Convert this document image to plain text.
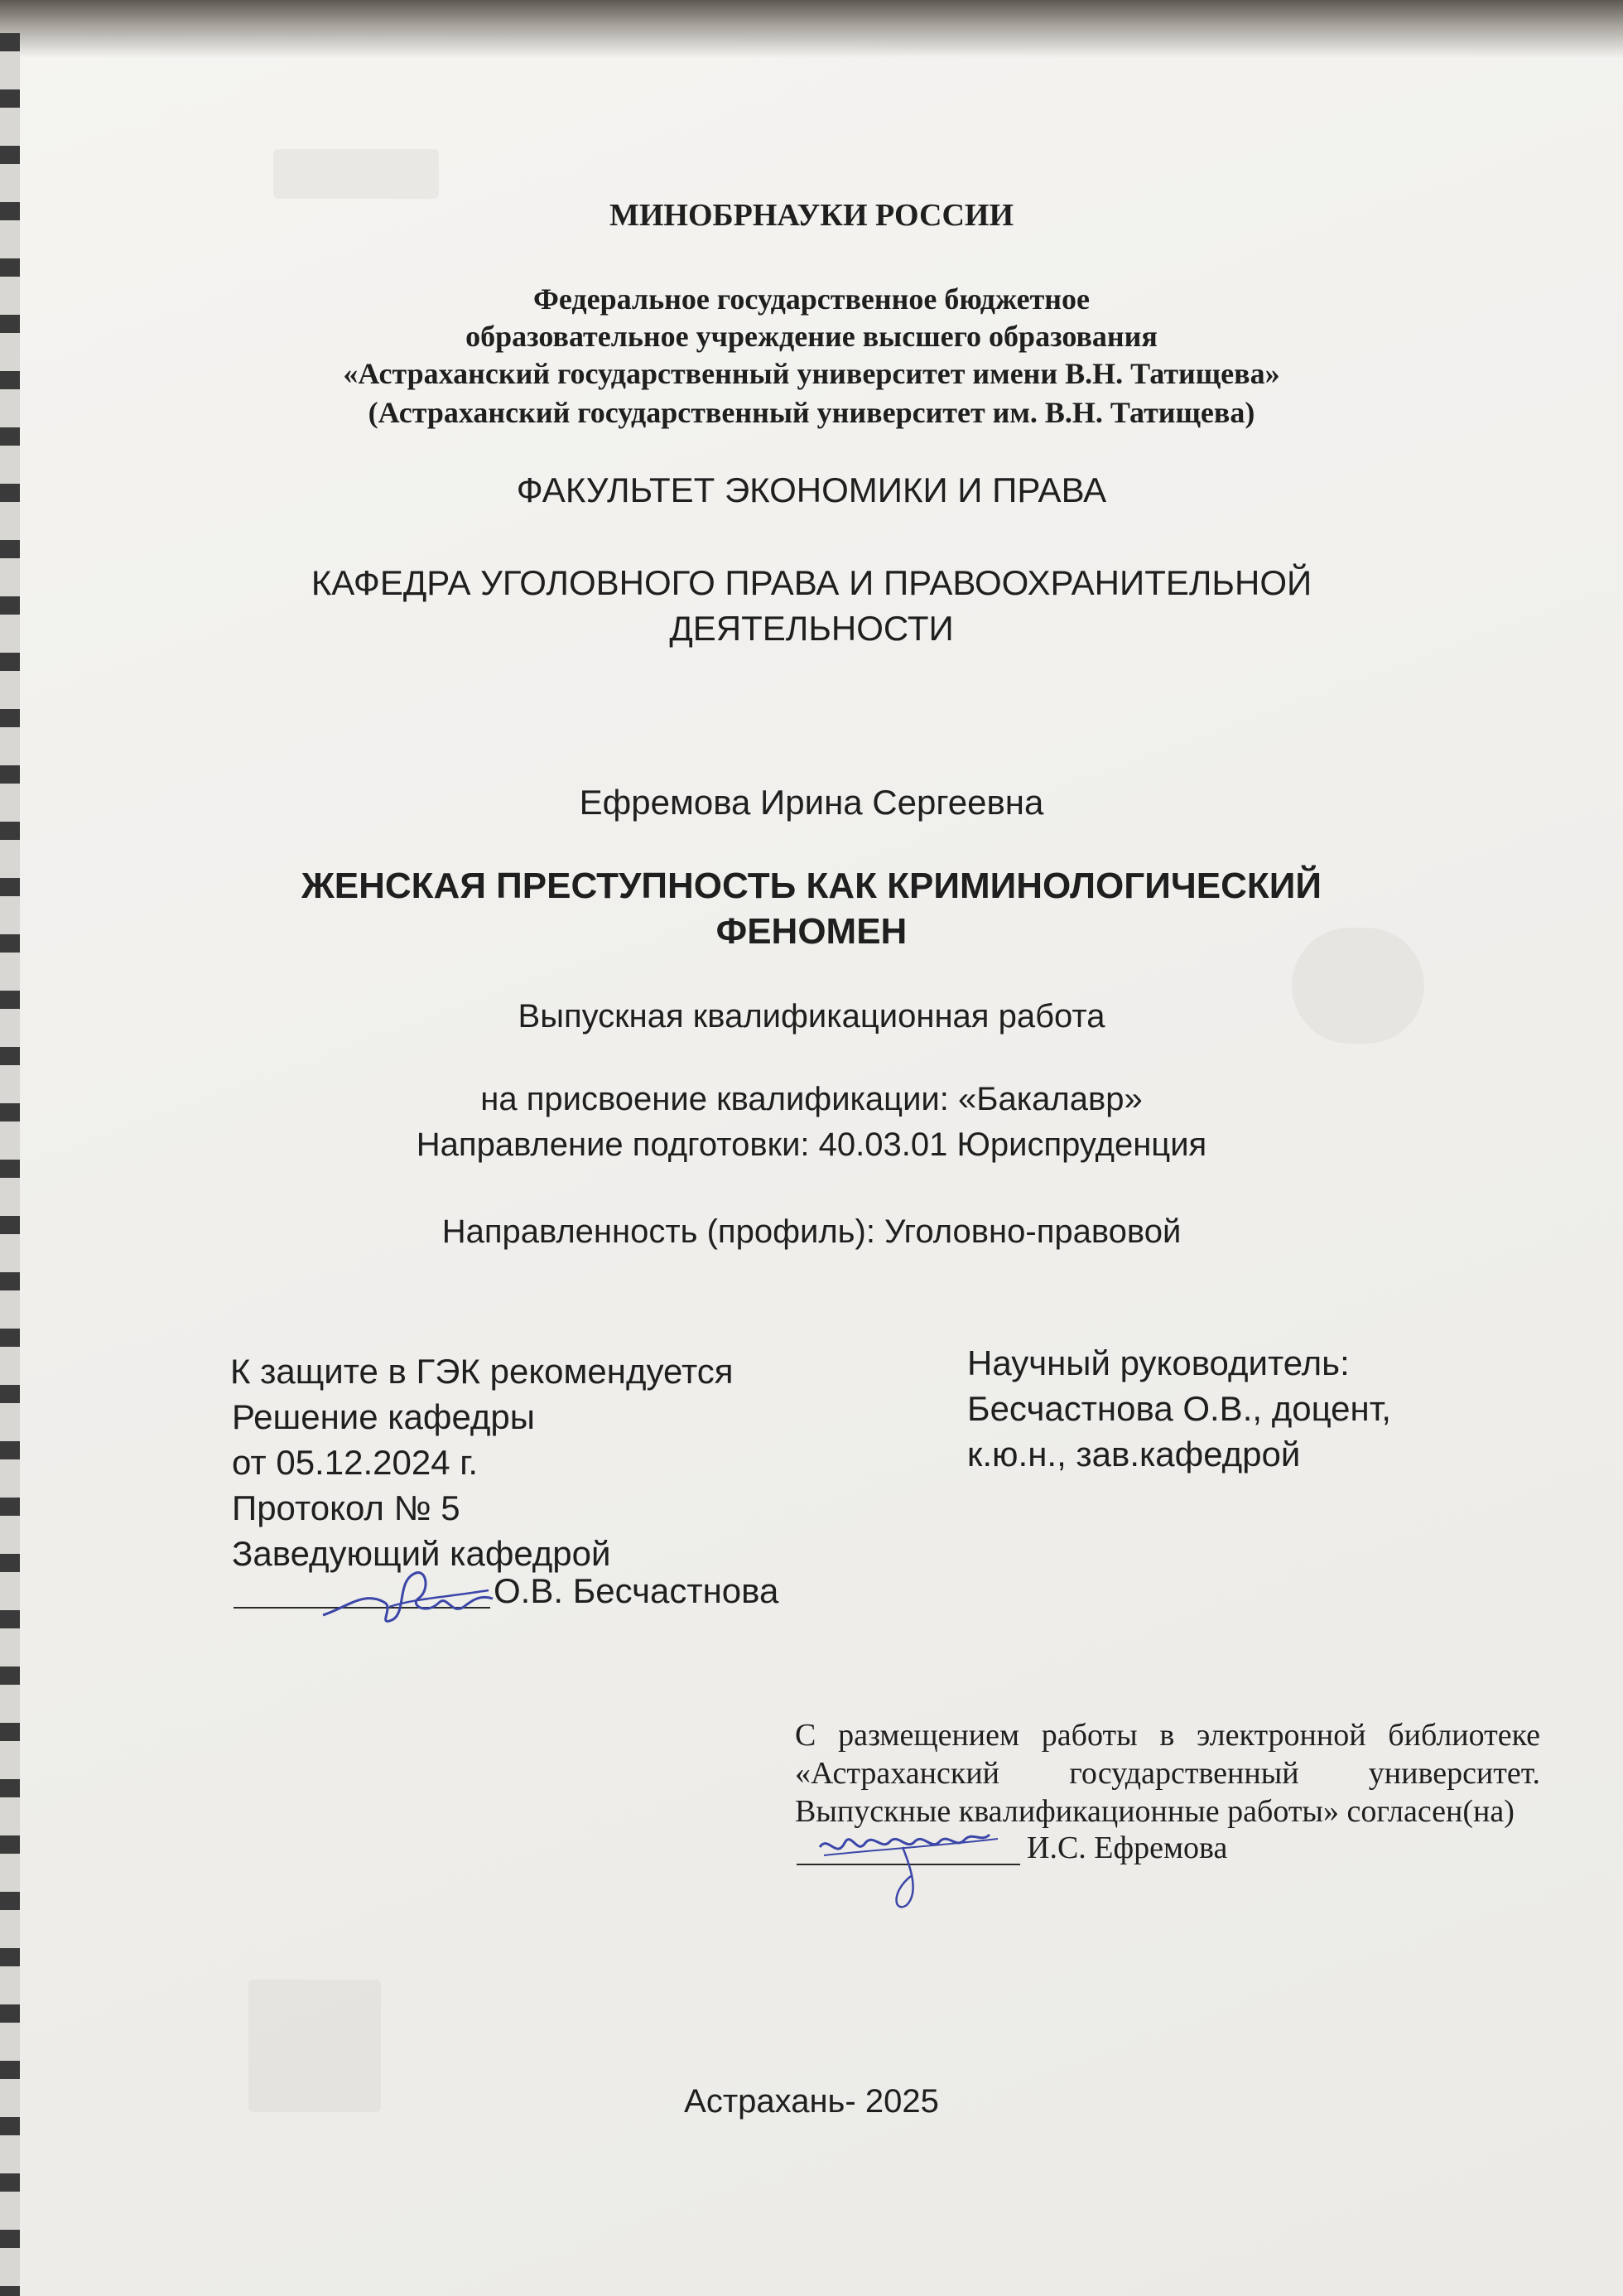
МИНОБРНАУКИ РОССИИ
Федеральное государственное бюджетное
образовательное учреждение высшего образования
«Астраханский государственный университет имени В.Н. Татищева»
(Астраханский государственный университет им. В.Н. Татищева)
ФАКУЛЬТЕТ ЭКОНОМИКИ И ПРАВА
КАФЕДРА УГОЛОВНОГО ПРАВА И ПРАВООХРАНИТЕЛЬНОЙ
ДЕЯТЕЛЬНОСТИ
Ефремова Ирина Сергеевна
ЖЕНСКАЯ ПРЕСТУПНОСТЬ КАК КРИМИНОЛОГИЧЕСКИЙ
ФЕНОМЕН
Выпускная квалификационная работа
на присвоение квалификации: «Бакалавр»
Направление подготовки: 40.03.01 Юриспруденция
Направленность (профиль): Уголовно-правовой
К защите в ГЭК рекомендуется
Решение кафедры
от 05.12.2024 г.
Протокол № 5
Заведующий кафедрой
О.В. Бесчастнова
Научный руководитель:
Бесчастнова О.В., доцент,
к.ю.н., зав.кафедрой
С размещением работы в электронной библиотеке «Астраханский государственный университет. Выпускные квалификационные работы» согласен(на)
И.С. Ефремова
Астрахань- 2025
